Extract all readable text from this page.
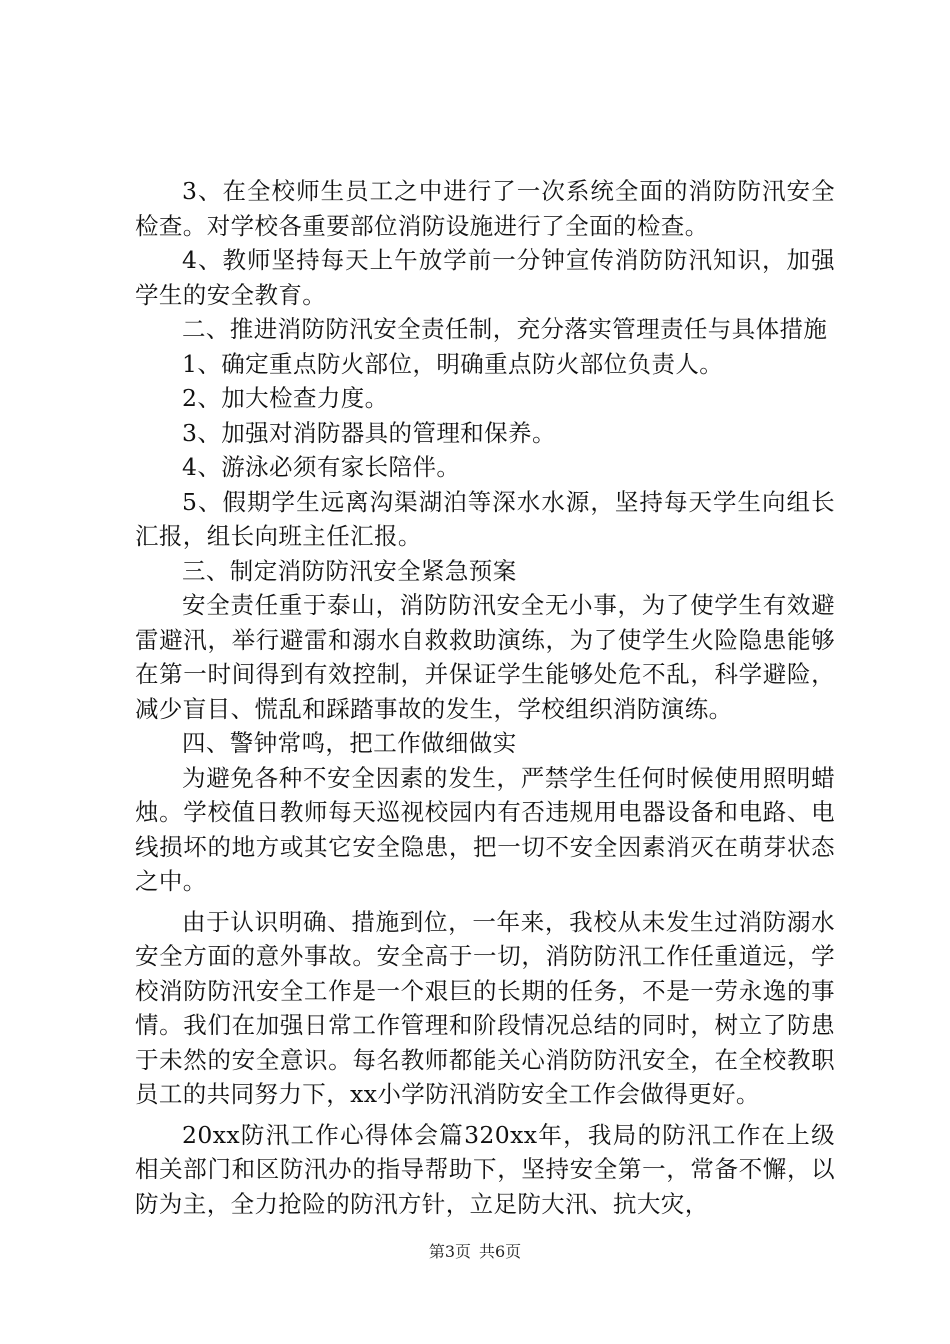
3、在全校师生员工之中进行了一次系统全面的消防防汛安全检查。对学校各重要部位消防设施进行了全面的检查。

4、教师坚持每天上午放学前一分钟宣传消防防汛知识，加强学生的安全教育。

二、推进消防防汛安全责任制，充分落实管理责任与具体措施

1、确定重点防火部位，明确重点防火部位负责人。

2、加大检查力度。

3、加强对消防器具的管理和保养。

4、游泳必须有家长陪伴。

5、假期学生远离沟渠湖泊等深水水源，坚持每天学生向组长汇报，组长向班主任汇报。

三、制定消防防汛安全紧急预案

安全责任重于泰山，消防防汛安全无小事，为了使学生有效避雷避汛，举行避雷和溺水自救救助演练，为了使学生火险隐患能够在第一时间得到有效控制，并保证学生能够处危不乱，科学避险，减少盲目、慌乱和踩踏事故的发生，学校组织消防演练。

四、警钟常鸣，把工作做细做实

为避免各种不安全因素的发生，严禁学生任何时候使用照明蜡烛。学校值日教师每天巡视校园内有否违规用电器设备和电路、电线损坏的地方或其它安全隐患，把一切不安全因素消灭在萌芽状态之中。

由于认识明确、措施到位，一年来，我校从未发生过消防溺水安全方面的意外事故。安全高于一切，消防防汛工作任重道远，学校消防防汛安全工作是一个艰巨的长期的任务，不是一劳永逸的事情。我们在加强日常工作管理和阶段情况总结的同时，树立了防患于未然的安全意识。每名教师都能关心消防防汛安全，在全校教职员工的共同努力下，xx小学防汛消防安全工作会做得更好。

20xx防汛工作心得体会篇320xx年，我局的防汛工作在上级相关部门和区防汛办的指导帮助下，坚持安全第一，常备不懈，以防为主，全力抢险的防汛方针，立足防大汛、抗大灾，

第3页 共6页
